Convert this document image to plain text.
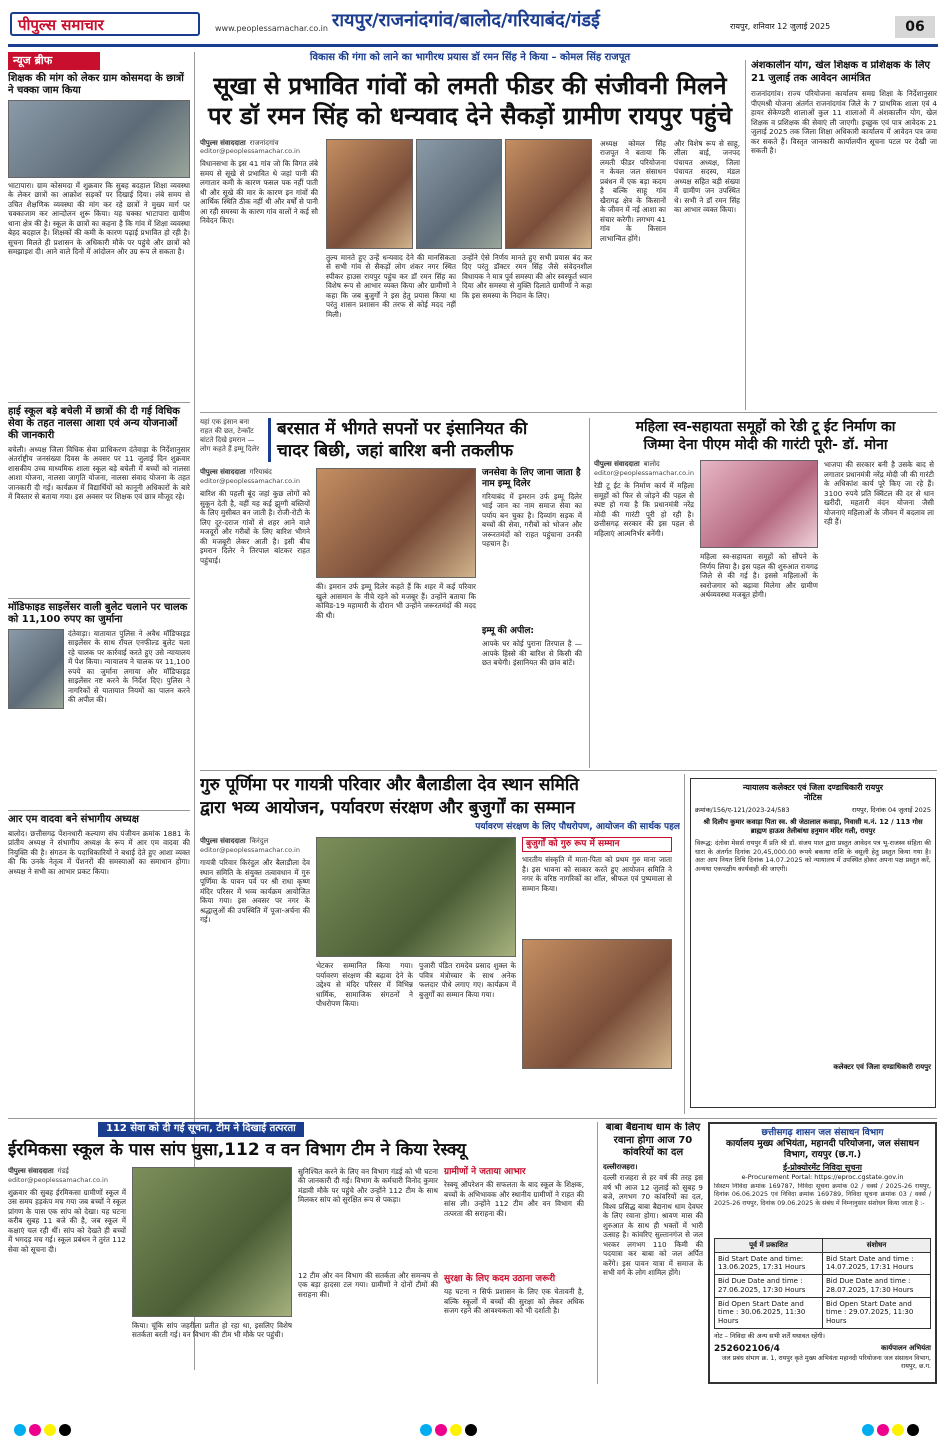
पीपुल्स समाचार	www.peoplessamachar.co.in रायपुर/राजनांदगांव/बालोद/गरियाबंद/गंडई	रायपुर, शनिवार 12 जुलाई 2025	06
न्यूज ब्रीफ
शिक्षक की मांग को लेकर ग्राम कोसमदा के छात्रों ने चक्का जाम किया
भाटापारा। ग्राम कोसमदा में शुक्रवार कि सुबह बदहाल शिक्षा व्यवस्था के लेकर छात्रों का आक्रोश सड़कों पर दिखाई दिया। लंबे समय से उचित शैक्षणिक व्यवस्था की मांग कर रहे छात्रों ने मुख्य मार्ग पर चक्काजाम कर आन्दोलन शुरू किया। यह चक्का भाटापारा ग्रामीण थाना क्षेत्र की है। स्कूल के छात्रों का कहना है कि गांव में शिक्षा व्यवस्था बेहद बदहाल है। शिक्षकों की कमी के कारण पढ़ाई प्रभावित हो रही है। सूचना मिलते ही प्रशासन के अधिकारी मौके पर पहुंचे और छात्रों को समझाइश दी। आने वाले दिनों में आंदोलन और उग्र रूप ले सकता है।
हाई स्कूल बड़े बचेली में छात्रों की दी गई विधिक सेवा के तहत नालसा आशा एवं अन्य योजनाओं की जानकारी
बचेली। अध्यक्ष जिला विधिक सेवा प्राधिकरण दंतेवाड़ा के निर्देशानुसार अंतर्राष्ट्रीय जनसंख्या दिवस के अवसर पर 11 जुलाई दिन शुक्रवार शासकीय उच्च माध्यमिक शाला स्कूल बड़े बचेली में बच्चों को नालसा आशा योजना, नालसा जागृति योजना, नालसा संवाद योजना के तहत जानकारी दी गई। कार्यक्रम में विद्यार्थियों को कानूनी अधिकारों के बारे में विस्तार से बताया गया। इस अवसर पर शिक्षक एवं छात्र मौजूद रहे।
मॉडिफाइड साइलेंसर वाली बुलेट चलाने पर चालक को 11,100 रुपए का जुर्माना
दंतेवाड़ा। यातायात पुलिस ने अवैध मॉडिफाइड साइलेंसर के साथ रॉयल एनफील्ड बुलेट चला रहे चालक पर कार्रवाई करते हुए उसे न्यायालय में पेश किया। न्यायालय ने चालक पर 11,100 रुपये का जुर्माना लगाया और मॉडिफाइड साइलेंसर नष्ट करने के निर्देश दिए। पुलिस ने नागरिकों से यातायात नियमों का पालन करने की अपील की।
आर एम वादवा बने संभागीय अध्यक्ष
बालोद। छत्तीसगढ़ पेंशनधारी कल्याण संघ पंजीयन क्रमांक 1881 के प्रांतीय अध्यक्ष ने संभागीय अध्यक्ष के रूप में आर एम वादवा की नियुक्ति की है। संगठन के पदाधिकारियों ने बधाई देते हुए आशा व्यक्त की कि उनके नेतृत्व में पेंशनरों की समस्याओं का समाधान होगा। अध्यक्ष ने सभी का आभार प्रकट किया।
विकास की गंगा को लाने का भागीरथ प्रयास डॉ रमन सिंह ने किया – कोमल सिंह राजपूत
सूखा से प्रभावित गांवों को लमती फीडर की संजीवनी मिलने
पर डॉ रमन सिंह को धन्यवाद देने सैकड़ों ग्रामीण रायपुर पहुंचे
पीपुल्स संवाददाता राजनांदगांव
editor@peoplessamachar.co.in
विधानसभा के इस 41 गांव जो कि विगत लंबे समय से सूखे से प्रभावित थे जहां पानी की लगातार कमी के कारण फसल पक नहीं पाती थी और सूखे की मार के कारण इन गांवों की आर्थिक स्थिति ठीक नहीं थी और वर्षों से पानी आ रही समस्या के कारण गांव वालों ने कई सौ निवेदन किए।
तुल्य मानते हुए उन्हें धन्यवाद देने की मानसिकता से सभी गांव से सैकड़ों लोग शंकर नगर स्थित स्पीकर हाउस रायपुर पहुंच कर डॉ रमन सिंह का विशेष रूप से आभार व्यक्त किया और ग्रामीणों ने कहा कि जब बुजुर्गों ने इस हेतु प्रयास किया था परंतु शासन प्रशासन की तरफ से कोई मदद नहीं मिली।
उन्होंने ऐसे निर्णय मानते हुए सभी प्रयास बंद कर दिए परंतु डॉक्टर रमन सिंह जैसे संवेदनशील विधायक ने मात्र पूर्व समस्या की ओर स्वस्फूर्त ध्यान दिया और समस्या से मुक्ति दिलाते ग्रामीणों ने कहा कि इस समस्या के निदान के लिए।
अध्यक्ष कोमल सिंह राजपूत ने बताया कि लमती फीडर परियोजना न केवल जल संसाधन प्रबंधन में एक बड़ा कदम है बल्कि साहू गांव खैरागढ़ क्षेत्र के किसानों के जीवन में नई आशा का संचार करेगी। लगभग 41 गांव के किसान लाभान्वित होंगे।
और विशेष रूप से साहू, लीला बाई, जनपद पंचायत अध्यक्ष, जिला पंचायत सदस्य, मंडल अध्यक्ष सहित बड़ी संख्या में ग्रामीण जन उपस्थित थे। सभी ने डॉ रमन सिंह का आभार व्यक्त किया।
अंशकालीन योग, खेल शिक्षक व प्रशिक्षक के लिए 21 जुलाई तक आवेदन आमंत्रित
राजनांदगांव। राज्य परियोजना कार्यालय समग्र शिक्षा के निर्देशानुसार पीएमश्री योजना अंतर्गत राजनांदगांव जिले के 7 प्राथमिक शाला एवं 4 हायर सेकेण्डरी शालाओं कुल 11 शालाओं में अंशकालीन योग, खेल शिक्षक व प्रशिक्षक की सेवाएं ली जाएगी। इच्छुक एवं पात्र आवेदक 21 जुलाई 2025 तक जिला शिक्षा अधिकारी कार्यालय में आवेदन पत्र जमा कर सकते हैं। विस्तृत जानकारी कार्यालयीन सूचना पटल पर देखी जा सकती है।
यहां एक इंसान बना राहत की छत, टेन्कॉट बांटते दिखे इमरान — लोग कहते हैं इम्मू दिलेर
बरसात में भीगते सपनों पर इंसानियत की
चादर बिछी, जहां बारिश बनी तकलीफ
पीपुल्स संवाददाता गरियाबंद
editor@peoplessamachar.co.in
बारिश की पहली बूंद जहां कुछ लोगों को सुकून देती है, वहीं यह कई झुग्गी बस्तियों के लिए मुसीबत बन जाती है। रोजी-रोटी के लिए दूर-दराज गांवों से शहर आने वाले मजदूरों और गरीबों के लिए बारिश भीगने की मजबूरी लेकर आती है। इसी बीच इमरान दिलेर ने तिरपाल बांटकर राहत पहुंचाई।
की। इमरान उर्फ इम्मू दिलेर कहते हैं कि शहर में कई परिवार खुले आसमान के नीचे रहने को मजबूर हैं। उन्होंने बताया कि कोविड-19 महामारी के दौरान भी उन्होंने जरूरतमंदों की मदद की थी।
जनसेवा के लिए जाना जाता है नाम इम्मू दिलेर
गरियाबंद में इमरान उर्फ इम्मू दिलेर भाई जान का नाम समाज सेवा का पर्याय बन चुका है। दिव्यांग सड़क में बच्चों की सेवा, गरीबों को भोजन और जरूरतमंदों को राहत पहुंचाना उनकी पहचान है।
इम्मू की अपील:
आपके घर कोई पुराना तिरपाल है — आपके हिस्से की बारिश से किसी की छत बचेगी। इंसानियत की छांव बांटें।
महिला स्व-सहायता समूहों को रेडी टू ईट निर्माण का
जिम्मा देना पीएम मोदी की गारंटी पूरी- डॉ. मोना
पीपुल्स संवाददाता बालोद
editor@peoplessamachar.co.in
रेडी टू ईट के निर्माण कार्य में महिला समूहों को फिर से जोड़ने की पहल से स्पष्ट हो गया है कि प्रधानमंत्री नरेंद्र मोदी की गारंटी पूरी हो रही है। छत्तीसगढ़ सरकार की इस पहल से महिलाएं आत्मनिर्भर बनेंगी।
महिला स्व-सहायता समूहों को सौंपने के निर्णय लिया है। इस पहल की शुरुआत रायगढ़ जिले से की गई है। इससे महिलाओं के स्वरोजगार को बढ़ावा मिलेगा और ग्रामीण अर्थव्यवस्था मजबूत होगी।
भाजपा की सरकार बनी है उसके बाद से लगातार प्रधानमंत्री नरेंद्र मोदी जी की गारंटी के अधिकांश कार्य पूरे किए जा रहे हैं। 3100 रुपये प्रति क्विंटल की दर से धान खरीदी, महतारी वंदन योजना जैसी योजनाएं महिलाओं के जीवन में बदलाव ला रही हैं।
गुरु पूर्णिमा पर गायत्री परिवार और बैलाडीला देव स्थान समिति
द्वारा भव्य आयोजन, पर्यावरण संरक्षण और बुजुर्गों का सम्मान
पर्यावरण संरक्षण के लिए पौधरोपण, आयोजन की सार्थक पहल
पीपुल्स संवाददाता किरंदुल
editor@peoplessamachar.co.in
गायत्री परिवार किरंदुल और बैलाडीला देव स्थान समिति के संयुक्त तत्वावधान में गुरु पूर्णिमा के पावन पर्व पर श्री राधा कृष्ण मंदिर परिसर में भव्य कार्यक्रम आयोजित किया गया। इस अवसर पर नगर के श्रद्धालुओं की उपस्थिति में पूजा-अर्चना की गई।
भेटकर सम्मानित किया गया। पर्यावरण संरक्षण की बढ़ावा देने के उद्देश्य से मंदिर परिसर में विभिन्न धार्मिक, सामाजिक संगठनों ने पौधरोपण किया।
पुजारी पंडित रामदेव प्रसाद शुक्ल के पवित्र मंत्रोच्चार के साथ अनेक फलदार पौधे लगाए गए। कार्यक्रम में बुजुर्गों का सम्मान किया गया।
बुजुर्गों को गुरु रूप में सम्मान
भारतीय संस्कृति में माता-पिता को प्रथम गुरु माना जाता है। इस भावना को साकार करते हुए आयोजन समिति ने नगर के वरिष्ठ नागरिकों का शॉल, श्रीफल एवं पुष्पमाला से सम्मान किया।
न्यायालय कलेक्टर एवं जिला दण्डाधिकारी रायपुर
नोटिस
क्रमांक/156/ए-121/2023-24/583	रायपुर, दिनांक 04 जुलाई 2025
श्री दिलीप कुमार कवाड़ा पिता स्व. श्री जेठालाल कवाड़ा, निवासी म.नं. 12 / 113 गोस ब्राह्मण हाऊस तेलीबांधा हनुमान मंदिर गली, रायपुर
विरूद्ध: दंतोवा मेसर्स रायपुर मैं प्रति श्री डॉ. संजय पाल द्वारा प्रस्तुत आवेदन पत्र भू-राजस्व संहिता की धारा के अंतर्गत दिनांक 20,45,000.00 रूपये बकाया राशि के वसूली हेतु प्रस्तुत किया गया है। अतः आप नियत तिथि दिनांक 14.07.2025 को न्यायालय में उपस्थित होकर अपना पक्ष प्रस्तुत करें, अन्यथा एकपक्षीय कार्यवाही की जाएगी।
कलेक्टर एवं जिला दण्डाधिकारी रायपुर
112 सेवा को दी गई सूचना, टीम ने दिखाई तत्परता
ईरमिकसा स्कूल के पास सांप घुसा,112 व वन विभाग टीम ने किया रेस्क्यू
पीपुल्स संवाददाता गंडई
editor@peoplessamachar.co.in
शुक्रवार की सुबह ईरमिकसा ग्रामीणों स्कूल में उस समय हड़कंप मच गया जब बच्चों ने स्कूल प्रांगण के पास एक सांप को देखा। यह घटना करीब सुबह 11 बजे की है, जब स्कूल में कक्षाएं चल रही थीं। सांप को देखते ही बच्चों में भगदड़ मच गई। स्कूल प्रबंधन ने तुरंत 112 सेवा को सूचना दी।
किया। चूंकि सांप जहरीला प्रतीत हो रहा था, इसलिए विशेष सतर्कता बरती गई। वन विभाग की टीम भी मौके पर पहुंची।
सुनिश्चित करने के लिए वन विभाग गंडई को भी घटना की जानकारी दी गई। विभाग के कर्मचारी विनोद कुमार मंडावी मौके पर पहुंचे और उन्होंने 112 टीम के साथ मिलकर सांप को सुरक्षित रूप से पकड़ा।
12 टीम और वन विभाग की सतर्कता और समन्वय से एक बड़ा हादसा टल गया। ग्रामीणों ने दोनों टीमों की सराहना की।
ग्रामीणों ने जताया आभार
रेस्क्यू ऑपरेशन की सफलता के बाद स्कूल के शिक्षक, बच्चों के अभिभावक और स्थानीय ग्रामीणों ने राहत की सांस ली। उन्होंने 112 टीम और वन विभाग की तत्परता की सराहना की।
सुरक्षा के लिए कदम उठाना जरूरी
यह घटना न सिर्फ प्रशासन के लिए एक चेतावनी है, बल्कि स्कूलों में बच्चों की सुरक्षा को लेकर अधिक सजग रहने की आवश्यकता को भी दर्शाती है।
बाबा बैद्यनाथ धाम के लिए रवाना होगा आज 70 कांवरियों का दल
दल्लीराजहरा।
दल्ली राजहरा से हर वर्ष की तरह इस वर्ष भी आज 12 जुलाई को सुबह 9 बजे, लगभग 70 कांवरियों का दल, विश्व प्रसिद्ध बाबा बैद्यनाथ धाम देवघर के लिए रवाना होगा। श्रावण मास की शुरुआत के साथ ही भक्तों में भारी उत्साह है। कांवरिए सुल्तानगंज से जल भरकर लगभग 110 किमी की पदयात्रा कर बाबा को जल अर्पित करेंगे। इस पावन यात्रा में समाज के सभी वर्ग के लोग शामिल होंगे।
छत्तीसगढ़ शासन जल संसाधन विभाग
कार्यालय मुख्य अभियंता, महानदी परियोजना, जल संसाधन विभाग, रायपुर (छ.ग.)
ई-प्रोक्योरमेंट निविदा सूचना
e-Procurement Portal: https://eproc.cgstate.gov.in
सिस्टम निविदा क्रमांक 169787, निविदा सूचना क्रमांक 02 / वर्क्स / 2025-26 रायपुर, दिनांक 06.06.2025 एवं निविदा क्रमांक 169789, निविदा सूचना क्रमांक 03 / वर्क्स / 2025-26 रायपुर, दिनांक 09.06.2025 के संबंध में निम्नानुसार संशोधन किया जाता है :-
पूर्व में प्रकाशित	संशोधन
Bid Start Date and time: 13.06.2025, 17:31 Hours	Bid Start Date and time : 14.07.2025, 17:31 Hours
Bid Due Date and time : 27.06.2025, 17:30 Hours	Bid Due Date and time : 28.07.2025, 17:30 Hours
Bid Open Start Date and time : 30.06.2025, 11:30 Hours	Bid Open Start Date and time : 29.07.2025, 11:30 Hours
नोट – निविदा की अन्य सभी शर्तें यथावत रहेंगी।
252602106/4	कार्यपालन अभियंता
जल प्रबंध संभाग क्र. 1, रायपुर कृते मुख्य अभियंता महानदी परियोजना जल संसाधन विभाग, रायपुर, छ.ग.
